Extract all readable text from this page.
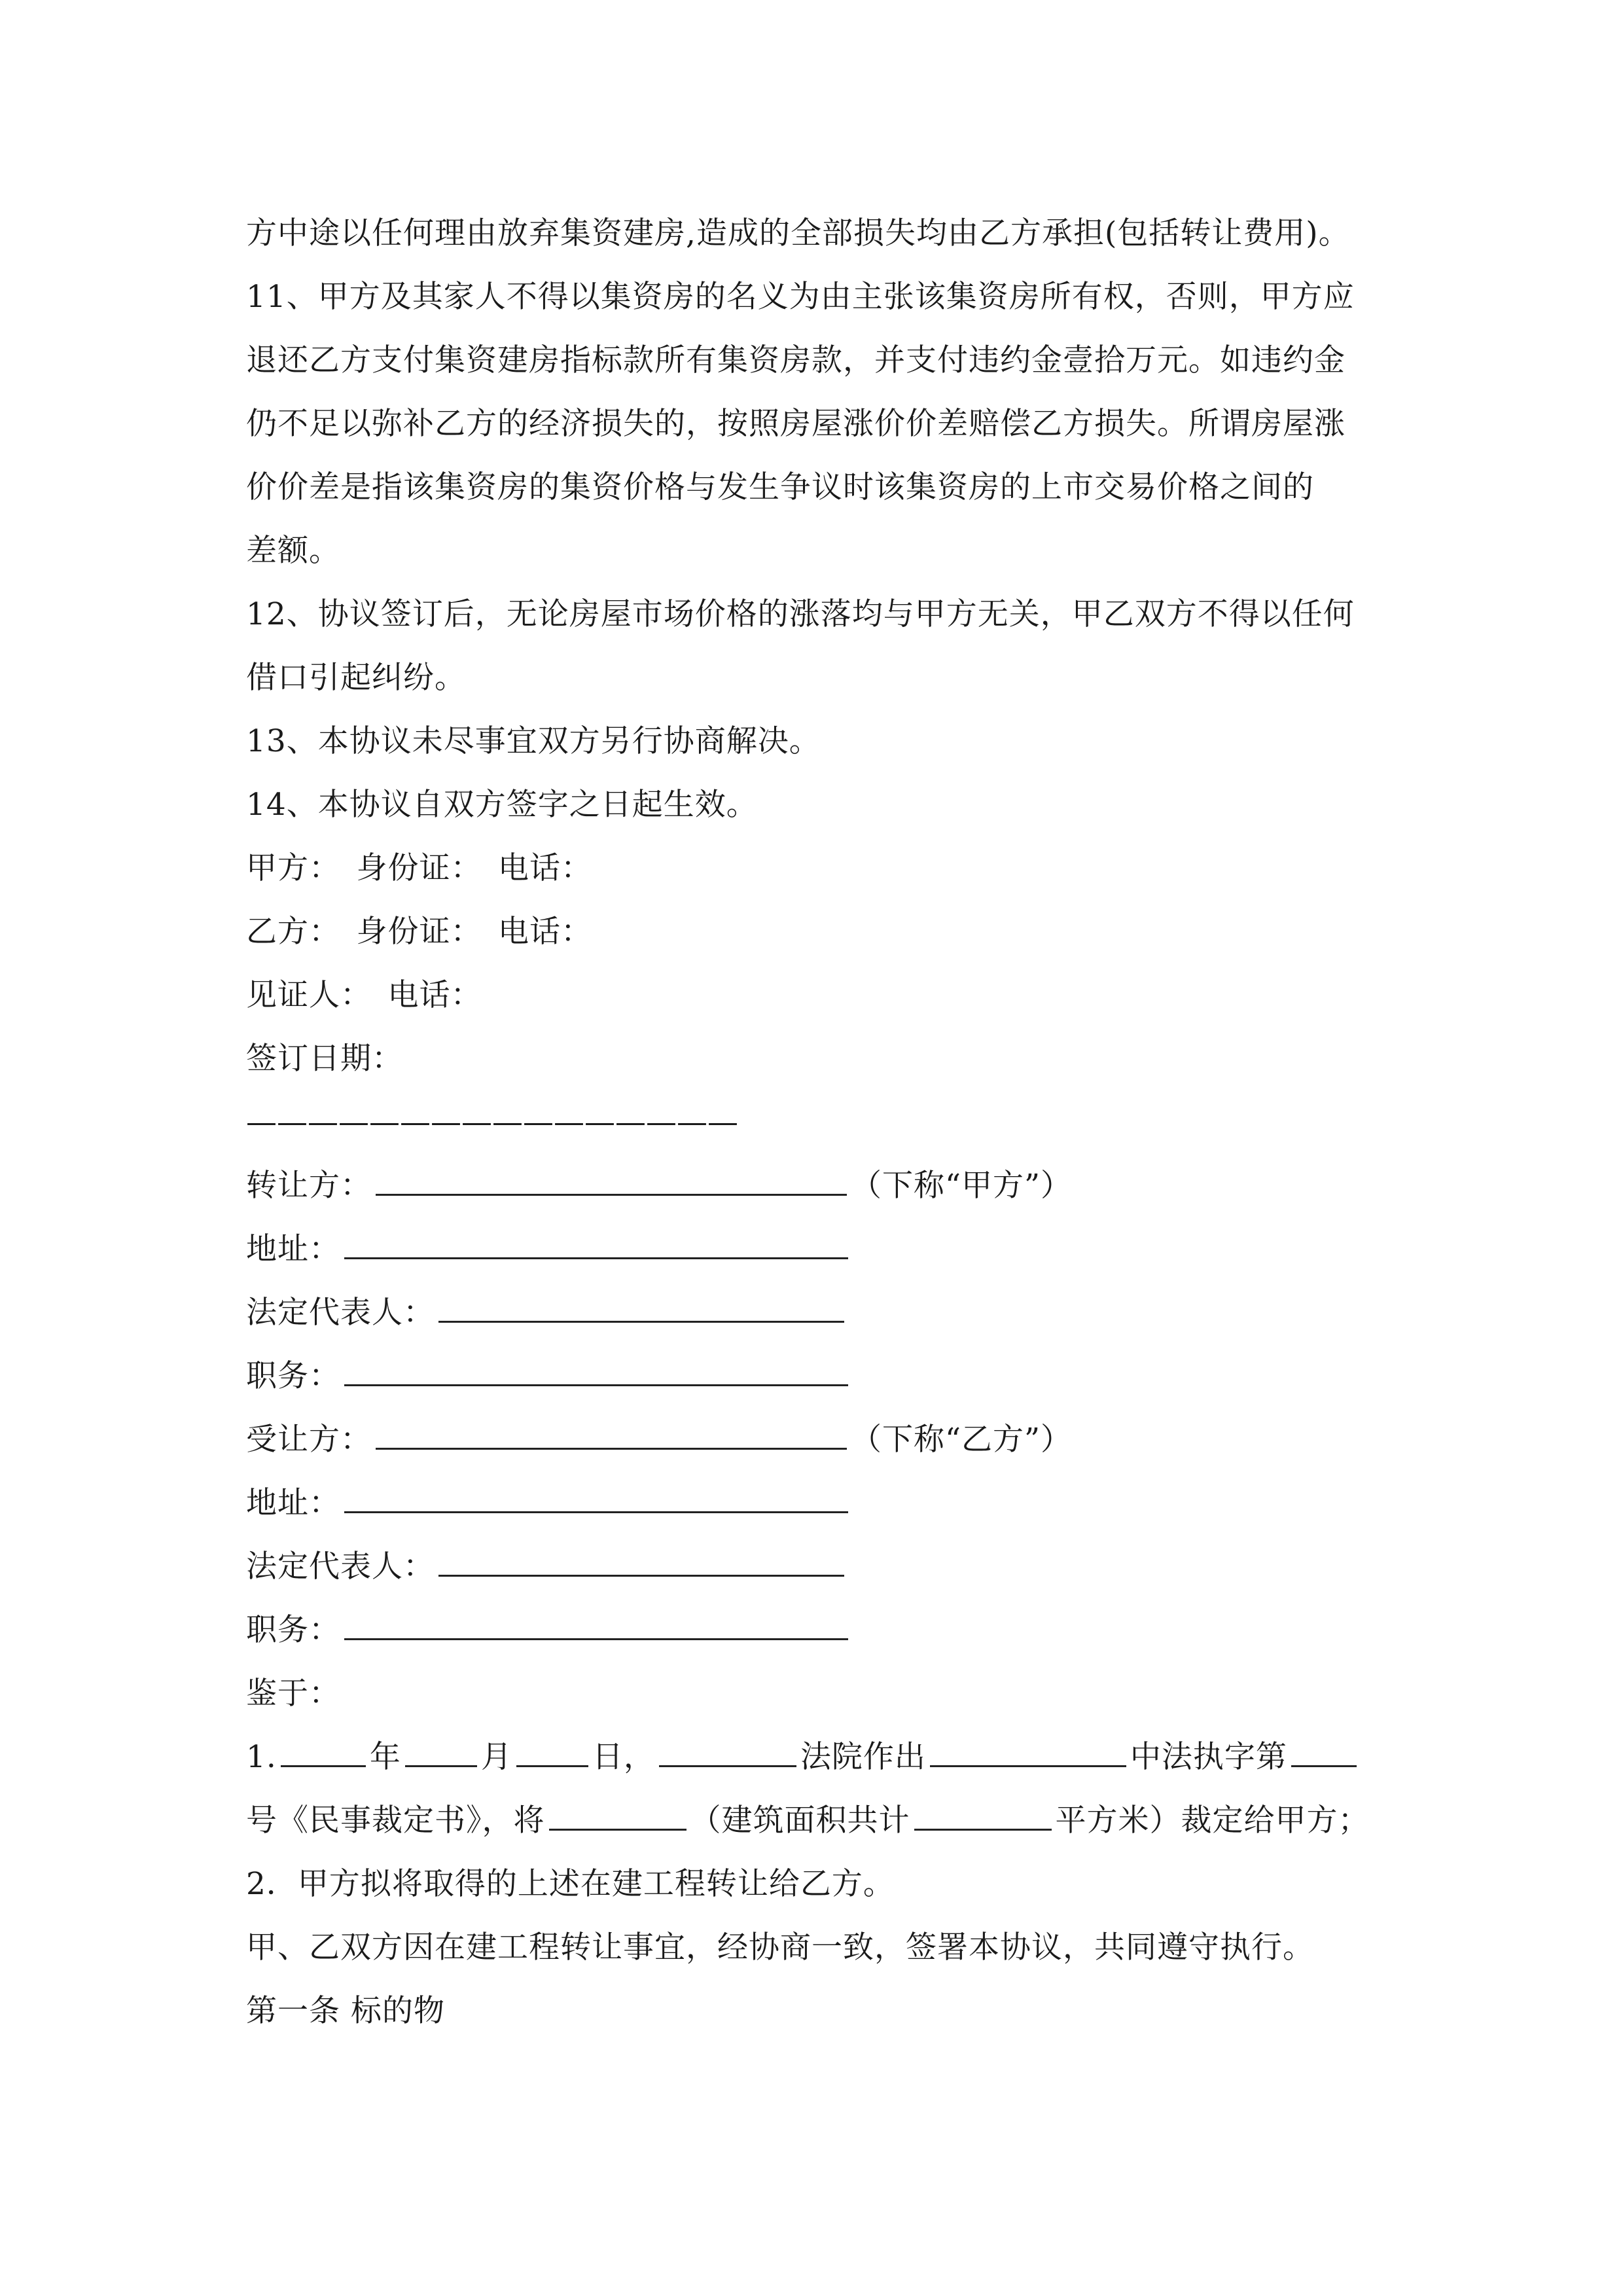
方中途以任何理由放弃集资建房,造成的全部损失均由乙方承担(包括转让费用)。
11、甲方及其家人不得以集资房的名义为由主张该集资房所有权，否则，甲方应
退还乙方支付集资建房指标款所有集资房款，并支付违约金壹拾万元。如违约金
仍不足以弥补乙方的经济损失的，按照房屋涨价价差赔偿乙方损失。所谓房屋涨
价价差是指该集资房的集资价格与发生争议时该集资房的上市交易价格之间的
差额。
12、协议签订后，无论房屋市场价格的涨落均与甲方无关，甲乙双方不得以任何
借口引起纠纷。
13、本协议未尽事宜双方另行协商解决。
14、本协议自双方签字之日起生效。
甲方：　身份证：　电话：
乙方：　身份证：　电话：
见证人：　电话：
签订日期：
————————————————
转让方：	（下称“甲方”）
地址：
法定代表人：
职务：
受让方：	（下称“乙方”）
地址：
法定代表人：
职务：
鉴于：
1.	年	月	日，	法院作出	中法执字第
号《民事裁定书》，将	（建筑面积共计	平方米）裁定给甲方；
2．甲方拟将取得的上述在建工程转让给乙方。
甲、乙双方因在建工程转让事宜，经协商一致，签署本协议，共同遵守执行。
第一条 标的物
